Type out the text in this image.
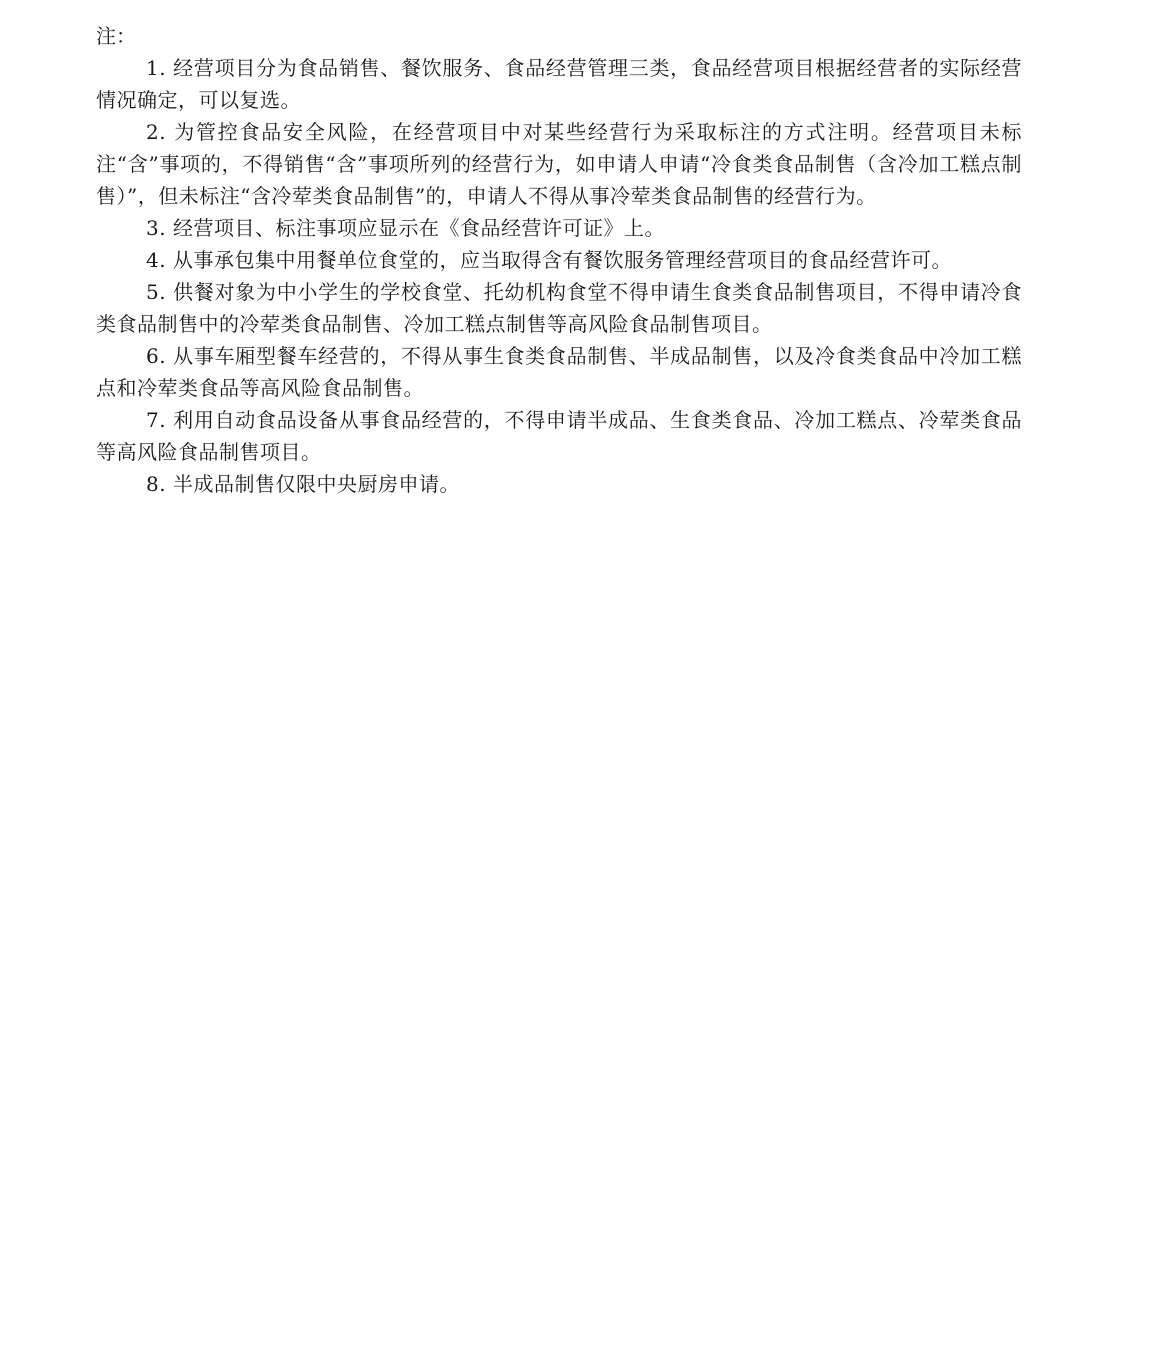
注：

1. 经营项目分为食品销售、餐饮服务、食品经营管理三类，食品经营项目根据经营者的实际经营情况确定，可以复选。

2. 为管控食品安全风险，在经营项目中对某些经营行为采取标注的方式注明。经营项目未标注“含”事项的，不得销售“含”事项所列的经营行为，如申请人申请“冷食类食品制售（含冷加工糕点制售）”，但未标注“含冷荤类食品制售”的，申请人不得从事冷荤类食品制售的经营行为。

3. 经营项目、标注事项应显示在《食品经营许可证》上。

4. 从事承包集中用餐单位食堂的，应当取得含有餐饮服务管理经营项目的食品经营许可。

5. 供餐对象为中小学生的学校食堂、托幼机构食堂不得申请生食类食品制售项目，不得申请冷食类食品制售中的冷荤类食品制售、冷加工糕点制售等高风险食品制售项目。

6. 从事车厢型餐车经营的，不得从事生食类食品制售、半成品制售，以及冷食类食品中冷加工糕点和冷荤类食品等高风险食品制售。

7. 利用自动食品设备从事食品经营的，不得申请半成品、生食类食品、冷加工糕点、冷荤类食品等高风险食品制售项目。

8. 半成品制售仅限中央厨房申请。
